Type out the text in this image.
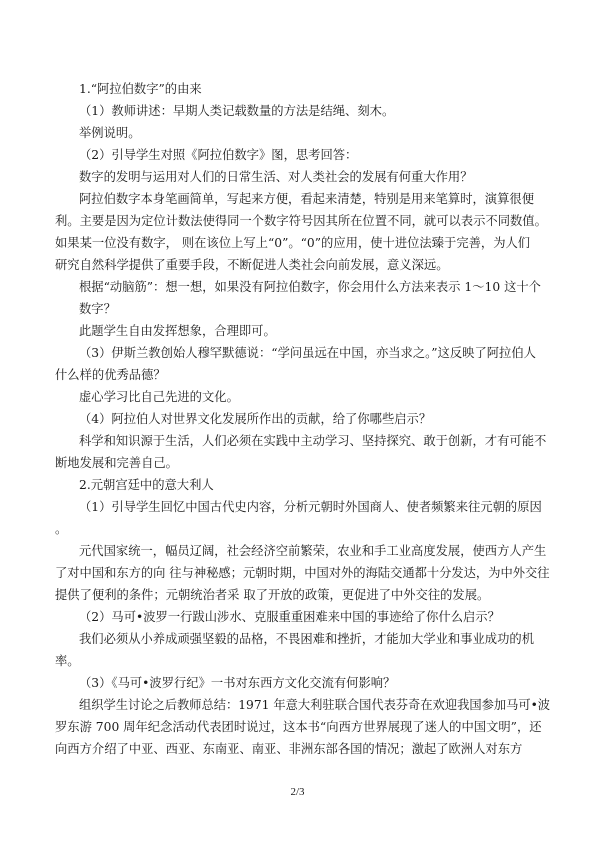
1.“阿拉伯数字”的由来
（1）教师讲述：早期人类记载数量的方法是结绳、刻木。
举例说明。
（2）引导学生对照《阿拉伯数字》图，思考回答：
数字的发明与运用对人们的日常生活、对人类社会的发展有何重大作用？
阿拉伯数字本身笔画简单，写起来方便，看起来清楚，特别是用来笔算时，演算很便
利。主要是因为定位计数法使得同一个数字符号因其所在位置不同，就可以表示不同数值。
如果某一位没有数字， 则在该位上写上“0”。“0”的应用，使十进位法臻于完善，为人们
研究自然科学提供了重要手段，不断促进人类社会向前发展，意义深远。
根据“动脑筋”：想一想，如果没有阿拉伯数字，你会用什么方法来表示 1～10 这十个
数字？
此题学生自由发挥想象，合理即可。
（3）伊斯兰教创始人穆罕默德说：“学问虽远在中国，亦当求之。”这反映了阿拉伯人
什么样的优秀品德？
虚心学习比自己先进的文化。
（4）阿拉伯人对世界文化发展所作出的贡献，给了你哪些启示？
科学和知识源于生活，人们必须在实践中主动学习、坚持探究、敢于创新，才有可能不
断地发展和完善自己。
2.元朝宫廷中的意大利人
（1）引导学生回忆中国古代史内容，分析元朝时外国商人、使者频繁来往元朝的原因
。
元代国家统一，幅员辽阔，社会经济空前繁荣，农业和手工业高度发展，使西方人产生
了对中国和东方的向 往与神秘感；元朝时期，中国对外的海陆交通都十分发达，为中外交往
提供了便利的条件；元朝统治者采 取了开放的政策，更促进了中外交往的发展。
（2）马可•波罗一行跋山涉水、克服重重困难来中国的事迹给了你什么启示？
我们必须从小养成顽强坚毅的品格，不畏困难和挫折，才能加大学业和事业成功的机
率。
（3）《马可•波罗行纪》一书对东西方文化交流有何影响？
组织学生讨论之后教师总结：1971 年意大利驻联合国代表芬奇在欢迎我国参加马可•波
罗东游 700 周年纪念活动代表团时说过，这本书“向西方世界展现了迷人的中国文明”，还
向西方介绍了中亚、西亚、东南亚、南亚、非洲东部各国的情况；激起了欧洲人对东方
2/3
